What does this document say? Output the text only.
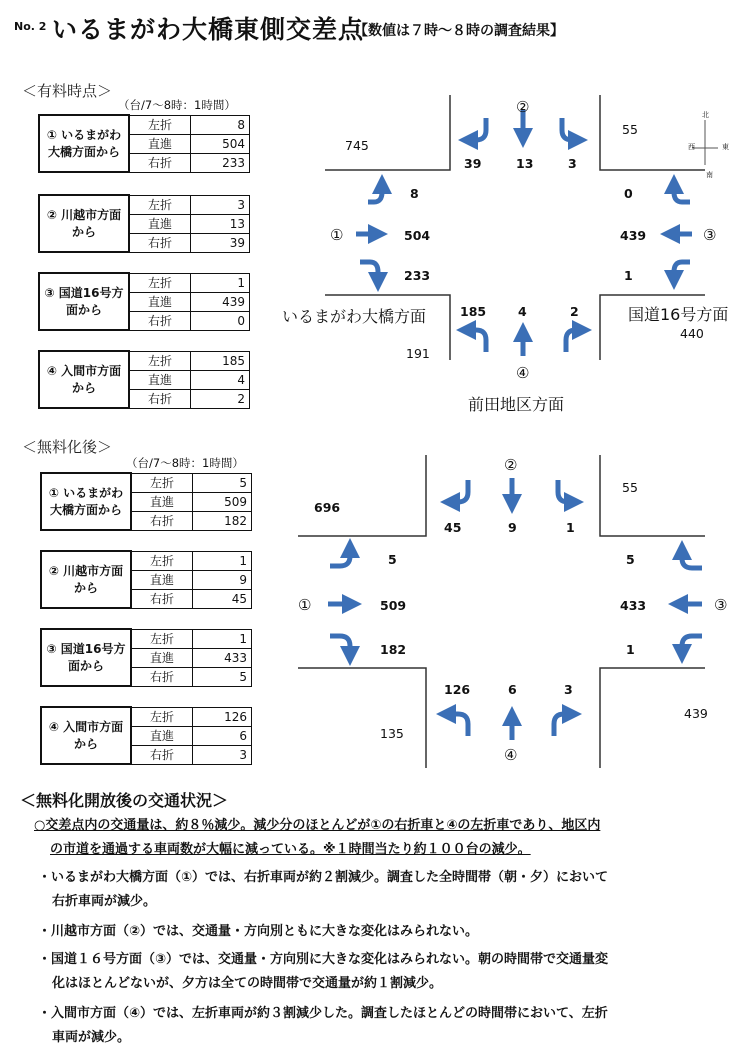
No. 2 いるまがわ大橋東側交差点
【数値は７時～８時の調査結果】
＜有料時点＞
（台/7～8時：1時間）
① いるまがわ大橋方面から	左折	8
	直進	504
	右折	233
② 川越市方面から	左折	3
	直進	13
	右折	39
③ 国道16号方面から	左折	1
	直進	439
	右折	0
④ 入間市方面から	左折	185
	直進	4
	右折	2
北
東
西
南
745
55
191
440
②
39	13	3
①
8
504
233
③
0
439
1
④
185	4	2
いるまがわ大橋方面	国道16号方面
前田地区方面
＜無料化後＞
（台/7～8時：1時間）
① いるまがわ大橋方面から	左折	5
	直進	509
	右折	182
② 川越市方面から	左折	1
	直進	9
	右折	45
③ 国道16号方面から	左折	1
	直進	433
	右折	5
④ 入間市方面から	左折	126
	直進	6
	右折	3
696
55
135
439
②
45	9	1
①
5
509
182
③
5
433
1
④
126	6	3
＜無料化開放後の交通状況＞
○交差点内の交通量は、約８％減少。減少分のほとんどが①の右折車と④の左折車であり、地区内
の市道を通過する車両数が大幅に減っている。※１時間当たり約１００台の減少。
・いるまがわ大橋方面（①）では、右折車両が約２割減少。調査した全時間帯（朝・夕）において
右折車両が減少。
・川越市方面（②）では、交通量・方向別ともに大きな変化はみられない。
・国道１６号方面（③）では、交通量・方向別に大きな変化はみられない。朝の時間帯で交通量変
化はほとんどないが、夕方は全ての時間帯で交通量が約１割減少。
・入間市方面（④）では、左折車両が約３割減少した。調査したほとんどの時間帯において、左折
車両が減少。
